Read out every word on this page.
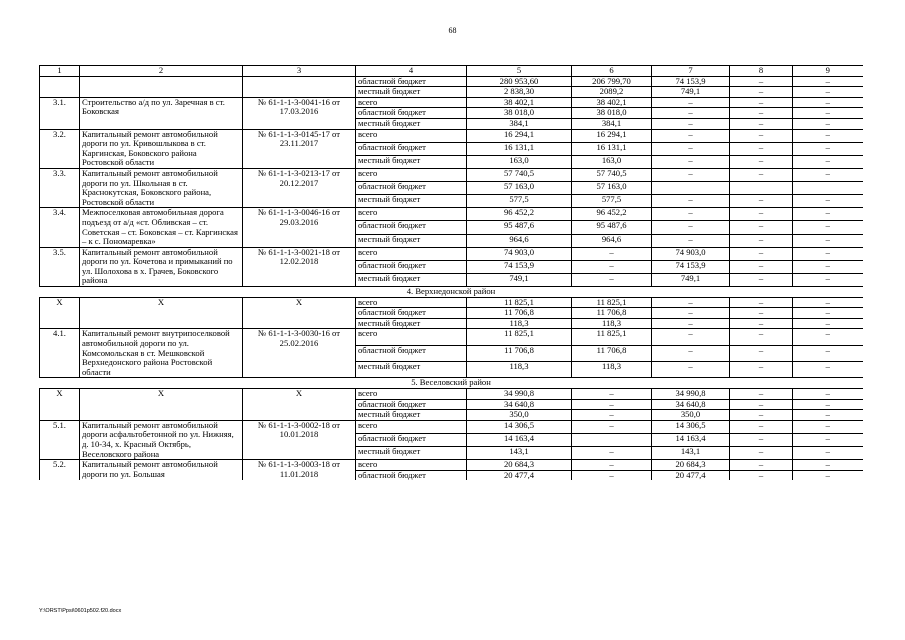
68
1	2	3	4	5	6	7	8	9
			областной бюджет	280 953,60	206 799,70	74 153,9	–	–
			местный бюджет	2 838,30	2089,2	749,1	–	–
3.1.	Строительство а/д по ул. Заречная в ст. Боковская	№ 61-1-1-3-0041-16 от 17.03.2016	всего	38 402,1	38 402,1	–	–	–
			областной бюджет	38 018,0	38 018,0	–	–	–
			местный бюджет	384,1	384,1	–	–	–
3.2.	Капитальный ремонт автомобильной дороги по ул. Кривошлыкова в ст. Каргинская, Боковского района Ростовской области	№ 61-1-1-3-0145-17 от 23.11.2017	всего	16 294,1	16 294,1	–	–	–
			областной бюджет	16 131,1	16 131,1	–	–	–
			местный бюджет	163,0	163,0	–	–	–
3.3.	Капитальный ремонт автомобильной дороги по ул. Школьная в ст. Краснокутская, Боковского района, Ростовской области	№ 61-1-1-3-0213-17 от 20.12.2017	всего	57 740,5	57 740,5	–	–	–
			областной бюджет	57 163,0	57 163,0			
			местный бюджет	577,5	577,5	–	–	–
3.4.	Межпоселковая автомобильная дорога подъезд от а/д «ст. Обливская – ст. Советская – ст. Боковская – ст. Каргинская – к с. Пономаревка»	№ 61-1-1-3-0046-16 от 29.03.2016	всего	96 452,2	96 452,2	–	–	–
			областной бюджет	95 487,6	95 487,6	–	–	–
			местный бюджет	964,6	964,6	–	–	–
3.5.	Капитальный ремонт автомобильной дороги по ул. Кочетова и примыканий по ул. Шолохова в х. Грачев, Боковского района	№ 61-1-1-3-0021-18 от 12.02.2018	всего	74 903,0	–	74 903,0	–	–
			областной бюджет	74 153,9	–	74 153,9	–	–
			местный бюджет	749,1	–	749,1	–	–
4. Верхнедонской район								
Х	Х	Х	всего	11 825,1	11 825,1	–	–	–
			областной бюджет	11 706,8	11 706,8	–	–	–
			местный бюджет	118,3	118,3	–	–	–
4.1.	Капитальный ремонт внутрипоселковой автомобильной дороги по ул. Комсомольская в ст. Мешковской Верхнедонского района Ростовской области	№ 61-1-1-3-0030-16 от 25.02.2016	всего	11 825,1	11 825,1	–	–	–
			областной бюджет	11 706,8	11 706,8	–	–	–
			местный бюджет	118,3	118,3	–	–	–
5. Веселовский район								
Х	Х	Х	всего	34 990,8	–	34 990,8	–	–
			областной бюджет	34 640,8	–	34 640,8	–	–
			местный бюджет	350,0	–	350,0	–	–
5.1.	Капитальный ремонт автомобильной дороги асфальтобетонной по ул. Нижняя, д. 10-34, х. Красный Октябрь, Веселовского района	№ 61-1-1-3-0002-18 от 10.01.2018	всего	14 306,5	–	14 306,5	–	–
			областной бюджет	14 163,4		14 163,4	–	–
			местный бюджет	143,1	–	143,1	–	–
5.2.	Капитальный ремонт автомобильной дороги по ул. Большая	№ 61-1-1-3-0003-18 от 11.01.2018	всего	20 684,3	–	20 684,3	–	–
			областной бюджет	20 477,4	–	20 477,4	–	–
Y:\ORST\Ppsi\0601p502.f20.docx
